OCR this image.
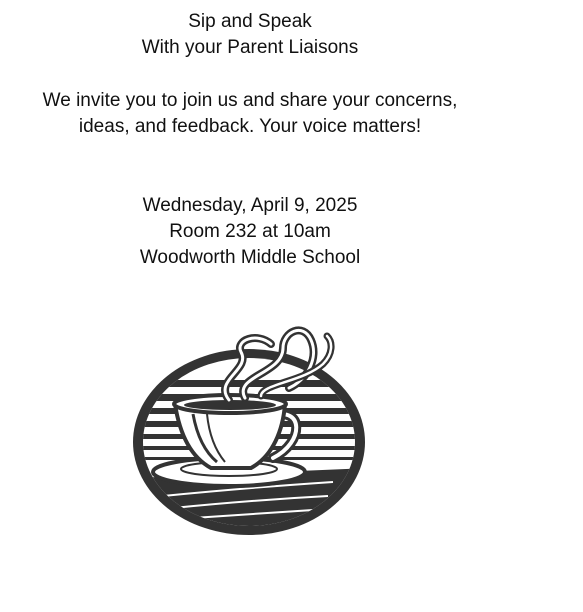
Sip and Speak
With your Parent Liaisons
We invite you to join us and share your concerns,
ideas, and feedback. Your voice matters!
Wednesday, April 9, 2025
Room 232 at 10am
Woodworth Middle School
